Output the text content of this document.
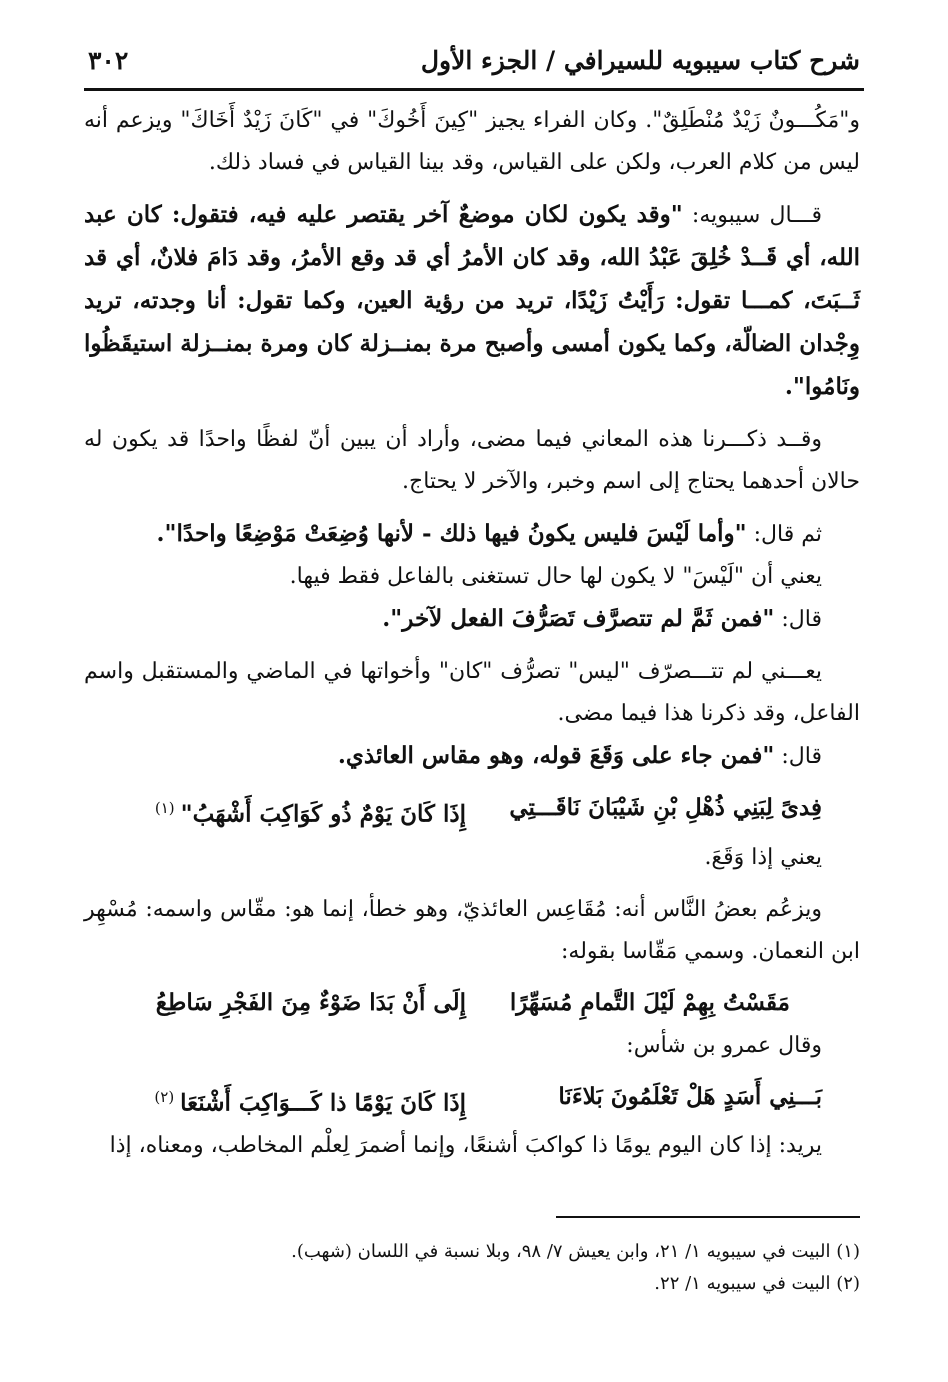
شرح كتاب سيبويه للسيرافي / الجزء الأول
٣٠٢

و"مَكُـــونٌ زَيْدٌ مُنْطَلِقٌ". وكان الفراء يجيز "كِينَ أَخُوكَ" في "كَانَ زَيْدٌ أَخَاكَ" ويزعم أنه ليس من كلام العرب، ولكن على القياس، وقد بينا القياس في فساد ذلك.

قـــال سيبويه: "وقد يكون لكان موضعٌ آخر يقتصر عليه فيه، فتقول: كان عبد الله، أي قَــدْ خُلِقَ عَبْدُ الله، وقد كان الأمرُ أي قد وقع الأمرُ، وقد دَامَ فلانٌ، أي قد ثَــبَتَ، كمـــا تقول: رَأَيْتُ زَيْدًا، تريد من رؤية العين، وكما تقول: أنا وجدته، تريد وِجْدان الضالّة، وكما يكون أمسى وأصبح مرة بمنــزلة كان ومرة بمنــزلة استيقَظُوا ونَامُوا".

وقــد ذكـــرنا هذه المعاني فيما مضى، وأراد أن يبين أنّ لفظًا واحدًا قد يكون له حالان أحدهما يحتاج إلى اسم وخبر، والآخر لا يحتاج.

ثم قال: "وأما لَيْسَ فليس يكونُ فيها ذلك - لأنها وُضِعَتْ مَوْضِعًا واحدًا".

يعني أن "لَيْسَ" لا يكون لها حال تستغنى بالفاعل فقط فيها.

قال: "فمن ثَمَّ لم تتصرَّف تَصَرُّفَ الفعل لآخر".

يعـــني لم تتـــصرّف "ليس" تصرُّف "كان" وأخواتها في الماضي والمستقبل واسم الفاعل، وقد ذكرنا هذا فيما مضى.

قال: "فمن جاء على وَقَعَ قوله، وهو مقاس العائذي.

فِدىً لِبَنِي ذُهْلِ بْنِ شَيْبَانَ نَاقَـــتِي
إِذَا كَانَ يَوْمٌ ذُو كَوَاكِبَ أَشْهَبُ"$^{(١)}$

يعني إذا وَقَعَ.

ويزعُم بعضُ النَّاس أنه: مُقَاعِس العائذيّ، وهو خطأ، إنما هو: مقّاس واسمه: مُسْهِر ابن النعمان. وسمي مَقّاسا بقوله:

مَقَسْتُ بِهِمْ لَيْلَ التَّمامِ مُسَهِّرًا
إِلَى أَنْ بَدَا ضَوْءٌ مِنَ الفَجْرِ سَاطِعُ

وقال عمرو بن شأس:

بَـــنِي أَسَدٍ هَلْ تَعْلَمُونَ بَلاءَنَا
إِذَا كَانَ يَوْمًا ذا كَـــوَاكِبَ أَشْنَعَا$^{(٢)}$

يريد: إذا كان اليوم يومًا ذا كواكبَ أشنعًا، وإنما أضمرَ لِعلْم المخاطب، ومعناه، إذا

(١) البيت في سيبويه ١/ ٢١، وابن يعيش ٧/ ٩٨، وبلا نسبة في اللسان (شهب).

(٢) البيت في سيبويه ١/ ٢٢.
